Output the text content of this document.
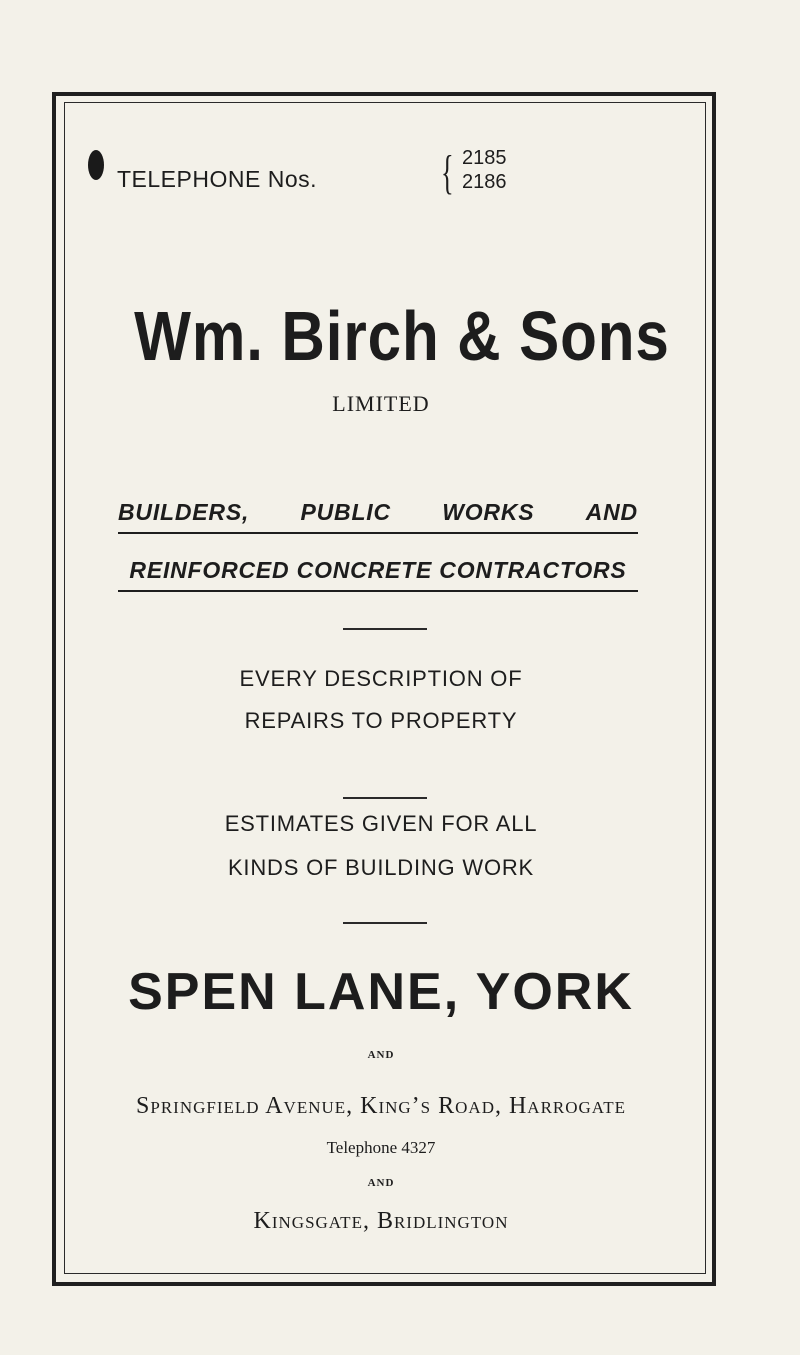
TELEPHONE Nos.	{ 2185
2186
Wm. Birch & Sons
LIMITED
BUILDERS, PUBLIC WORKS AND
REINFORCED CONCRETE CONTRACTORS
EVERY DESCRIPTION OF
REPAIRS TO PROPERTY
ESTIMATES GIVEN FOR ALL
KINDS OF BUILDING WORK
SPEN LANE, YORK
AND
Springfield Avenue, King’s Road, Harrogate
Telephone 4327
AND
Kingsgate, Bridlington
